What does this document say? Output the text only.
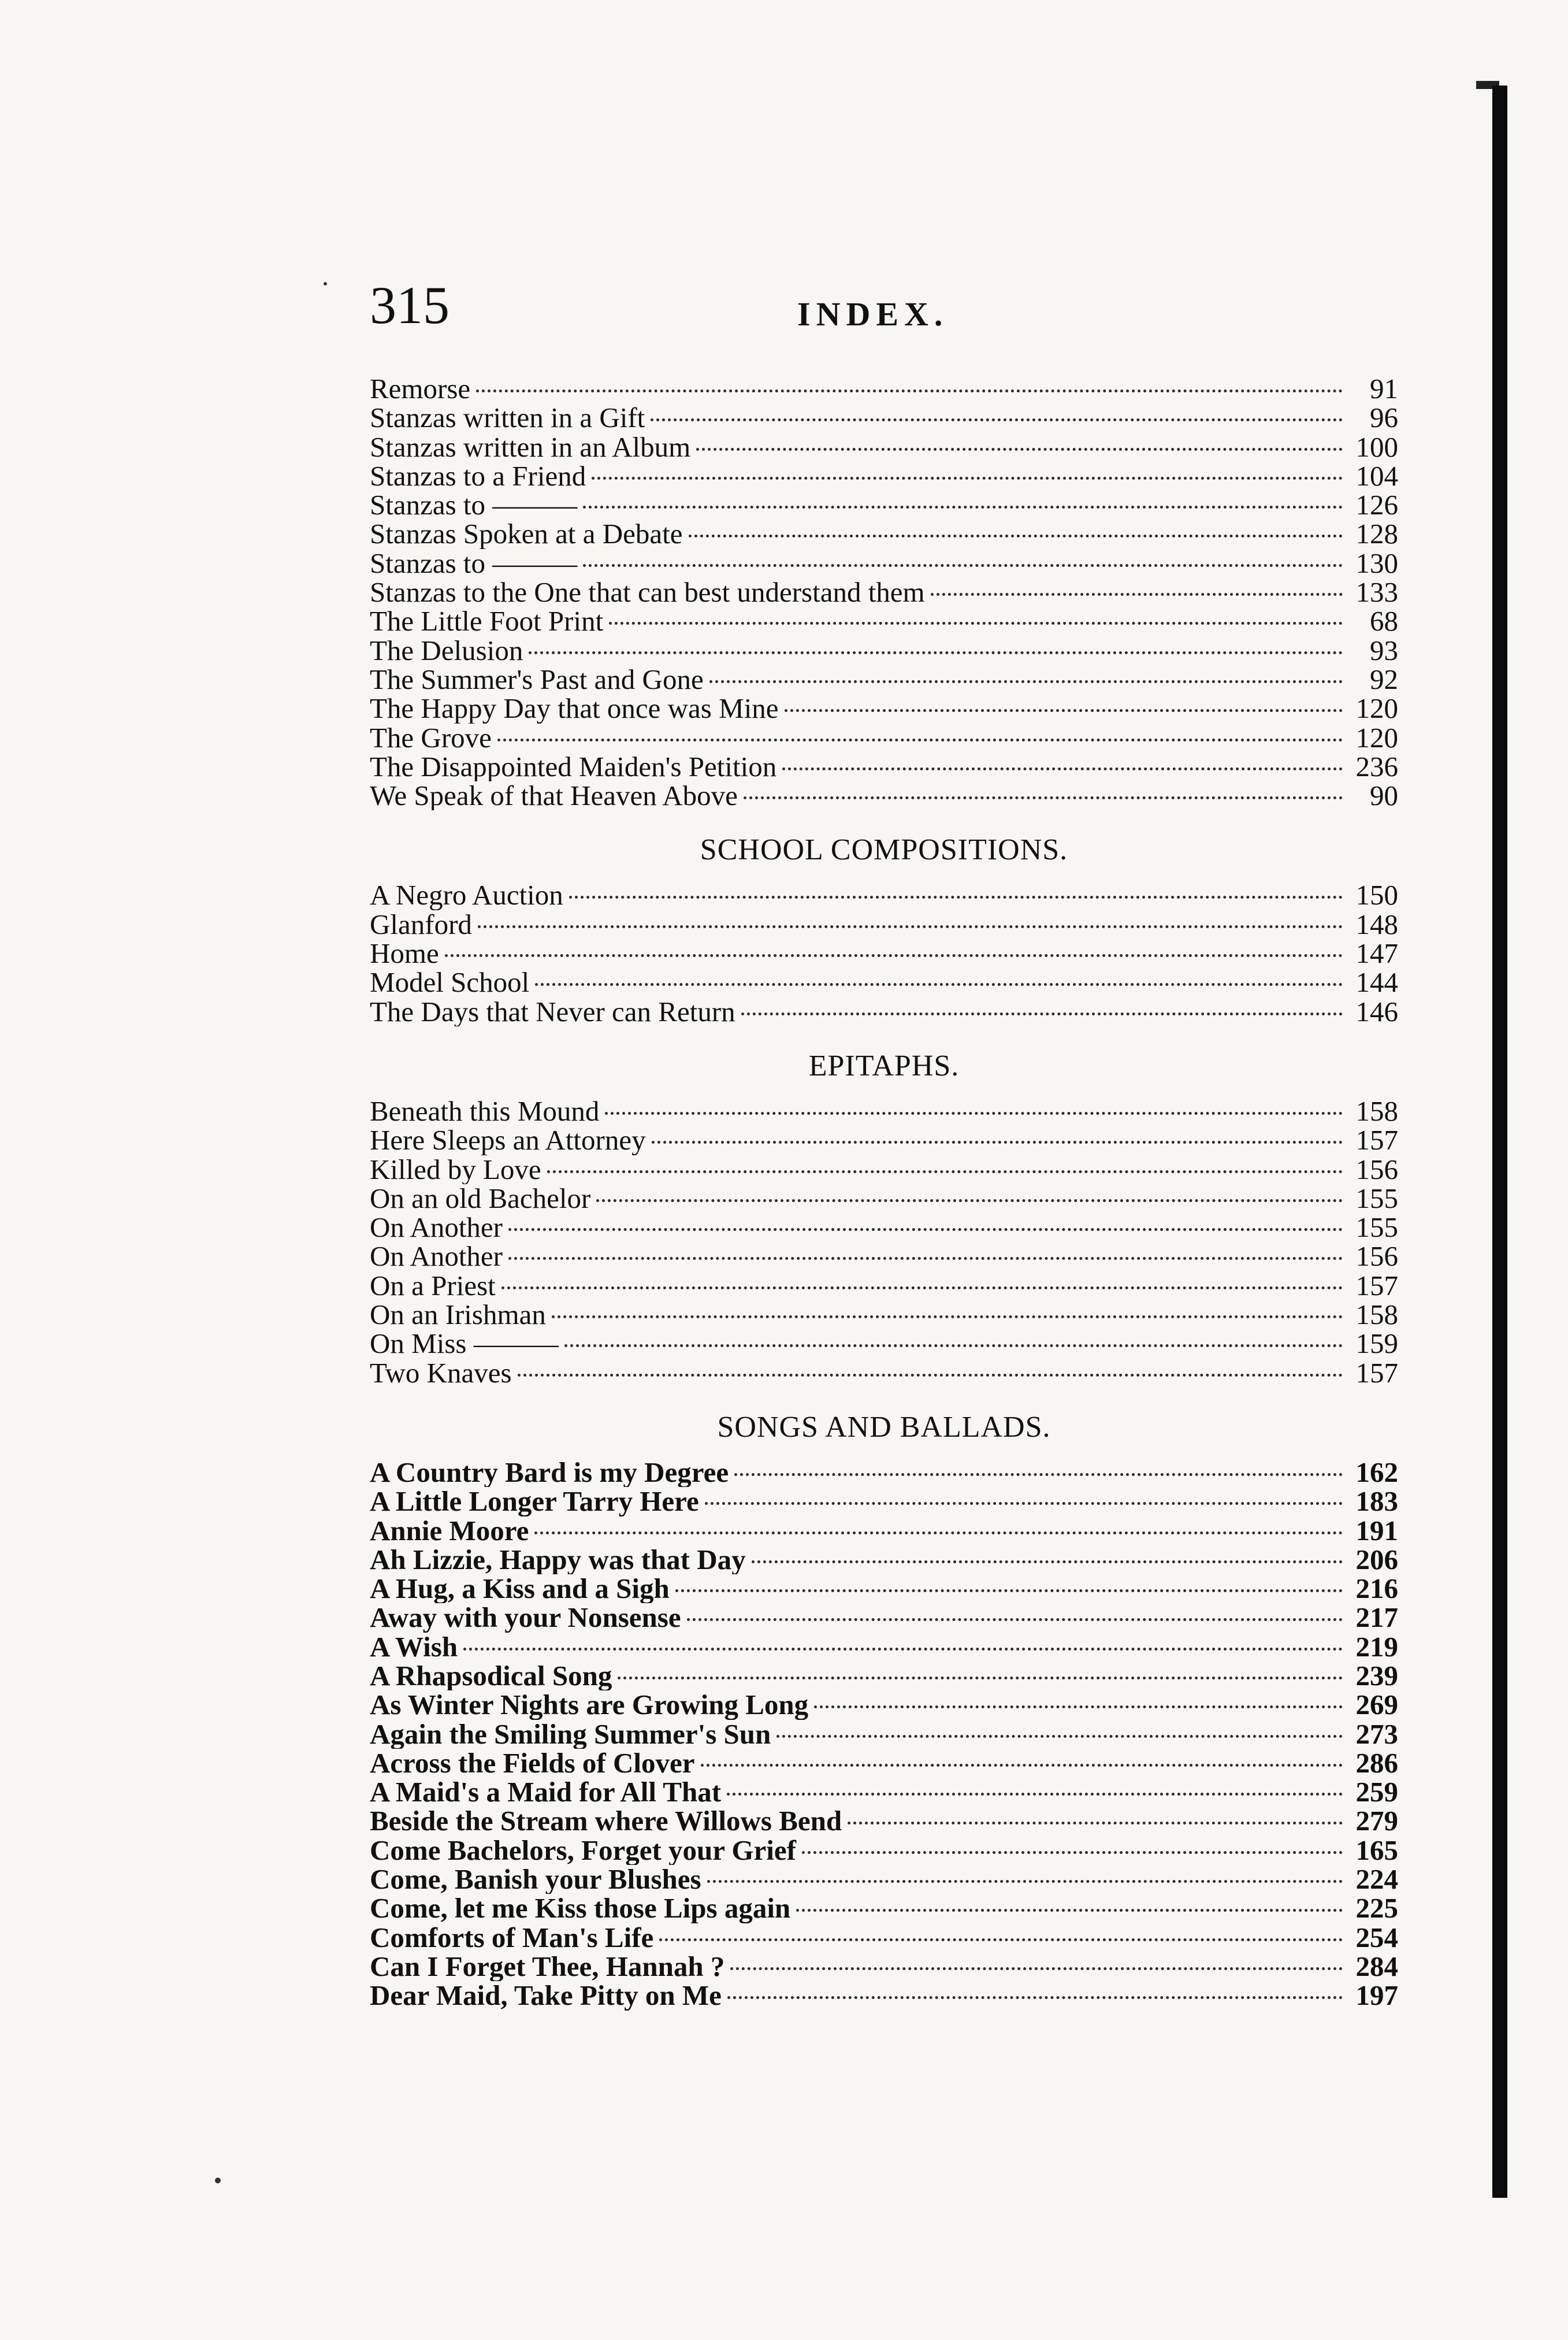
315	INDEX.
Remorse	91
Stanzas written in a Gift	96
Stanzas written in an Album	100
Stanzas to a Friend	104
Stanzas to ———	126
Stanzas Spoken at a Debate	128
Stanzas to ———	130
Stanzas to the One that can best understand them	133
The Little Foot Print	68
The Delusion	93
The Summer's Past and Gone	92
The Happy Day that once was Mine	120
The Grove	120
The Disappointed Maiden's Petition	236
We Speak of that Heaven Above	90
SCHOOL COMPOSITIONS.
A Negro Auction	150
Glanford	148
Home	147
Model School	144
The Days that Never can Return	146
EPITAPHS.
Beneath this Mound	158
Here Sleeps an Attorney	157
Killed by Love	156
On an old Bachelor	155
On Another	155
On Another	156
On a Priest	157
On an Irishman	158
On Miss ———	159
Two Knaves	157
SONGS AND BALLADS.
A Country Bard is my Degree	162
A Little Longer Tarry Here	183
Annie Moore	191
Ah Lizzie, Happy was that Day	206
A Hug, a Kiss and a Sigh	216
Away with your Nonsense	217
A Wish	219
A Rhapsodical Song	239
As Winter Nights are Growing Long	269
Again the Smiling Summer's Sun	273
Across the Fields of Clover	286
A Maid's a Maid for All That	259
Beside the Stream where Willows Bend	279
Come Bachelors, Forget your Grief	165
Come, Banish your Blushes	224
Come, let me Kiss those Lips again	225
Comforts of Man's Life	254
Can I Forget Thee, Hannah ?	284
Dear Maid, Take Pitty on Me	197
